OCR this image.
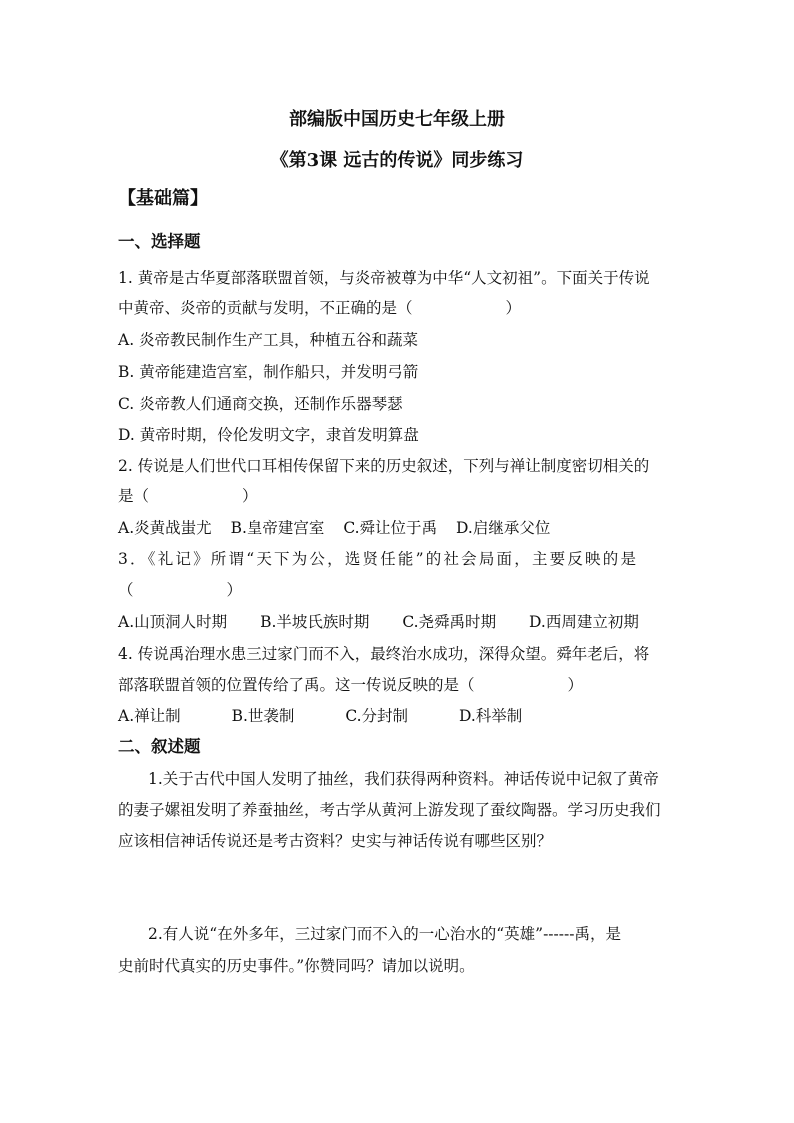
部编版中国历史七年级上册
《第3课 远古的传说》同步练习
【基础篇】
一、选择题
1. 黄帝是古华夏部落联盟首领，与炎帝被尊为中华“人文初祖”。下面关于传说
中黄帝、炎帝的贡献与发明，不正确的是（　　　　　　）
A. 炎帝教民制作生产工具，种植五谷和蔬菜
B. 黄帝能建造宫室，制作船只，并发明弓箭
C. 炎帝教人们通商交换，还制作乐器琴瑟
D. 黄帝时期，伶伦发明文字，隶首发明算盘
2. 传说是人们世代口耳相传保留下来的历史叙述，下列与禅让制度密切相关的
是（　　　　　　）
A.炎黄战蚩尤 B.皇帝建宫室 C.舜让位于禹 D.启继承父位
3．《礼记》所谓“天下为公，选贤任能”的社会局面，主要反映的是
（　　　　　　）
A.山顶洞人时期 B.半坡氏族时期 C.尧舜禹时期 D.西周建立初期
4. 传说禹治理水患三过家门而不入，最终治水成功，深得众望。舜年老后，将
部落联盟首领的位置传给了禹。这一传说反映的是（　　　　　　）
A.禅让制	B.世袭制	C.分封制	D.科举制
二、叙述题
1.关于古代中国人发明了抽丝，我们获得两种资料。神话传说中记叙了黄帝
的妻子嫘祖发明了养蚕抽丝，考古学从黄河上游发现了蚕纹陶器。学习历史我们
应该相信神话传说还是考古资料？史实与神话传说有哪些区别？
2.有人说“在外多年，三过家门而不入的一心治水的“英雄”------禹，是
史前时代真实的历史事件。”你赞同吗？请加以说明。
